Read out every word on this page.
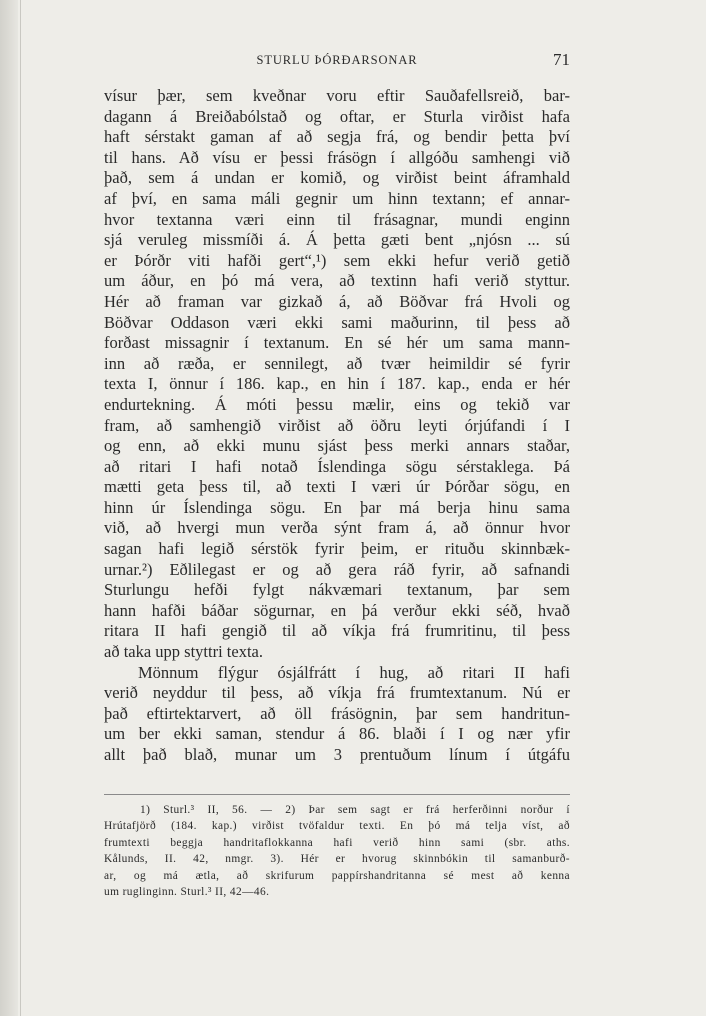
STURLU ÞÓRÐARSONAR	71
vísur þær, sem kveðnar voru eftir Sauðafellsreið, bar-
dagann á Breiðabólstað og oftar, er Sturla virðist hafa
haft sérstakt gaman af að segja frá, og bendir þetta því
til hans. Að vísu er þessi frásögn í allgóðu samhengi við
það, sem á undan er komið, og virðist beint áframhald
af því, en sama máli gegnir um hinn textann; ef annar-
hvor textanna væri einn til frásagnar, mundi enginn
sjá veruleg missmíði á. Á þetta gæti bent „njósn ... sú
er Þórðr viti hafði gert“,¹) sem ekki hefur verið getið
um áður, en þó má vera, að textinn hafi verið styttur.
Hér að framan var gizkað á, að Böðvar frá Hvoli og
Böðvar Oddason væri ekki sami maðurinn, til þess að
forðast missagnir í textanum. En sé hér um sama mann-
inn að ræða, er sennilegt, að tvær heimildir sé fyrir
texta I, önnur í 186. kap., en hin í 187. kap., enda er hér
endurtekning. Á móti þessu mælir, eins og tekið var
fram, að samhengið virðist að öðru leyti órjúfandi í I
og enn, að ekki munu sjást þess merki annars staðar,
að ritari I hafi notað Íslendinga sögu sérstaklega. Þá
mætti geta þess til, að texti I væri úr Þórðar sögu, en
hinn úr Íslendinga sögu. En þar má berja hinu sama
við, að hvergi mun verða sýnt fram á, að önnur hvor
sagan hafi legið sérstök fyrir þeim, er rituðu skinnbæk-
urnar.²) Eðlilegast er og að gera ráð fyrir, að safnandi
Sturlungu hefði fylgt nákvæmari textanum, þar sem
hann hafði báðar sögurnar, en þá verður ekki séð, hvað
ritara II hafi gengið til að víkja frá frumritinu, til þess
að taka upp styttri texta.
Mönnum flýgur ósjálfrátt í hug, að ritari II hafi
verið neyddur til þess, að víkja frá frumtextanum. Nú er
það eftirtektarvert, að öll frásögnin, þar sem handritun-
um ber ekki saman, stendur á 86. blaði í I og nær yfir
allt það blað, munar um 3 prentuðum línum í útgáfu
1) Sturl.³ II, 56. — 2) Þar sem sagt er frá herferðinni norður í
Hrútafjörð (184. kap.) virðist tvöfaldur texti. En þó má telja víst, að
frumtexti beggja handritaflokkanna hafi verið hinn sami (sbr. aths.
Kålunds, II. 42, nmgr. 3). Hér er hvorug skinnbókin til samanburð-
ar, og má ætla, að skrifurum pappírshandritanna sé mest að kenna
um ruglinginn. Sturl.³ II, 42—46.
